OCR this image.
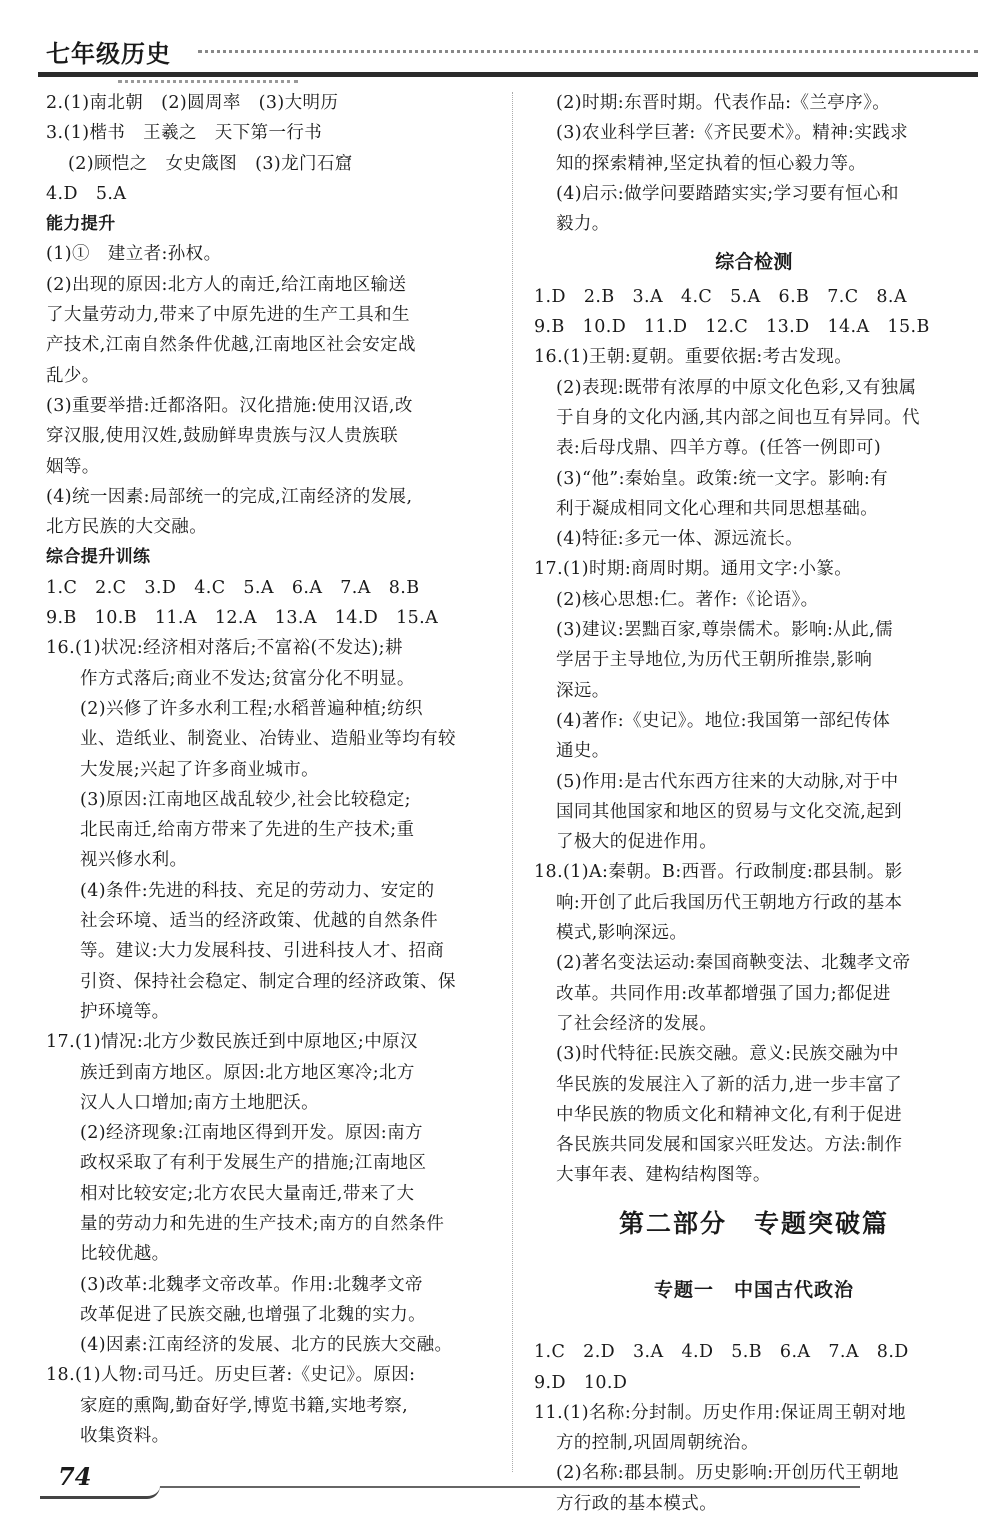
七年级历史
2.(1)南北朝　(2)圆周率　(3)大明历
3.(1)楷书　王羲之　天下第一行书
(2)顾恺之　女史箴图　(3)龙门石窟
4.D　5.A
能力提升
(1)①　建立者:孙权。
(2)出现的原因:北方人的南迁,给江南地区输送
了大量劳动力,带来了中原先进的生产工具和生
产技术,江南自然条件优越,江南地区社会安定战
乱少。
(3)重要举措:迁都洛阳。汉化措施:使用汉语,改
穿汉服,使用汉姓,鼓励鲜卑贵族与汉人贵族联
姻等。
(4)统一因素:局部统一的完成,江南经济的发展,
北方民族的大交融。
综合提升训练
1.C　2.C　3.D　4.C　5.A　6.A　7.A　8.B
9.B　10.B　11.A　12.A　13.A　14.D　15.A
16.(1)状况:经济相对落后;不富裕(不发达);耕
作方式落后;商业不发达;贫富分化不明显。
(2)兴修了许多水利工程;水稻普遍种植;纺织
业、造纸业、制瓷业、冶铸业、造船业等均有较
大发展;兴起了许多商业城市。
(3)原因:江南地区战乱较少,社会比较稳定;
北民南迁,给南方带来了先进的生产技术;重
视兴修水利。
(4)条件:先进的科技、充足的劳动力、安定的
社会环境、适当的经济政策、优越的自然条件
等。建议:大力发展科技、引进科技人才、招商
引资、保持社会稳定、制定合理的经济政策、保
护环境等。
17.(1)情况:北方少数民族迁到中原地区;中原汉
族迁到南方地区。原因:北方地区寒冷;北方
汉人人口增加;南方土地肥沃。
(2)经济现象:江南地区得到开发。原因:南方
政权采取了有利于发展生产的措施;江南地区
相对比较安定;北方农民大量南迁,带来了大
量的劳动力和先进的生产技术;南方的自然条件
比较优越。
(3)改革:北魏孝文帝改革。作用:北魏孝文帝
改革促进了民族交融,也增强了北魏的实力。
(4)因素:江南经济的发展、北方的民族大交融。
18.(1)人物:司马迁。历史巨著:《史记》。原因:
家庭的熏陶,勤奋好学,博览书籍,实地考察,
收集资料。
(2)时期:东晋时期。代表作品:《兰亭序》。
(3)农业科学巨著:《齐民要术》。精神:实践求
知的探索精神,坚定执着的恒心毅力等。
(4)启示:做学问要踏踏实实;学习要有恒心和
毅力。
综合检测
1.D　2.B　3.A　4.C　5.A　6.B　7.C　8.A
9.B　10.D　11.D　12.C　13.D　14.A　15.B
16.(1)王朝:夏朝。重要依据:考古发现。
(2)表现:既带有浓厚的中原文化色彩,又有独属
于自身的文化内涵,其内部之间也互有异同。代
表:后母戊鼎、四羊方尊。(任答一例即可)
(3)“他”:秦始皇。政策:统一文字。影响:有
利于凝成相同文化心理和共同思想基础。
(4)特征:多元一体、源远流长。
17.(1)时期:商周时期。通用文字:小篆。
(2)核心思想:仁。著作:《论语》。
(3)建议:罢黜百家,尊崇儒术。影响:从此,儒
学居于主导地位,为历代王朝所推崇,影响
深远。
(4)著作:《史记》。地位:我国第一部纪传体
通史。
(5)作用:是古代东西方往来的大动脉,对于中
国同其他国家和地区的贸易与文化交流,起到
了极大的促进作用。
18.(1)A:秦朝。B:西晋。行政制度:郡县制。影
响:开创了此后我国历代王朝地方行政的基本
模式,影响深远。
(2)著名变法运动:秦国商鞅变法、北魏孝文帝
改革。共同作用:改革都增强了国力;都促进
了社会经济的发展。
(3)时代特征:民族交融。意义:民族交融为中
华民族的发展注入了新的活力,进一步丰富了
中华民族的物质文化和精神文化,有利于促进
各民族共同发展和国家兴旺发达。方法:制作
大事年表、建构结构图等。
第二部分　专题突破篇
专题一　中国古代政治
1.C　2.D　3.A　4.D　5.B　6.A　7.A　8.D
9.D　10.D
11.(1)名称:分封制。历史作用:保证周王朝对地
方的控制,巩固周朝统治。
(2)名称:郡县制。历史影响:开创历代王朝地
方行政的基本模式。
74
